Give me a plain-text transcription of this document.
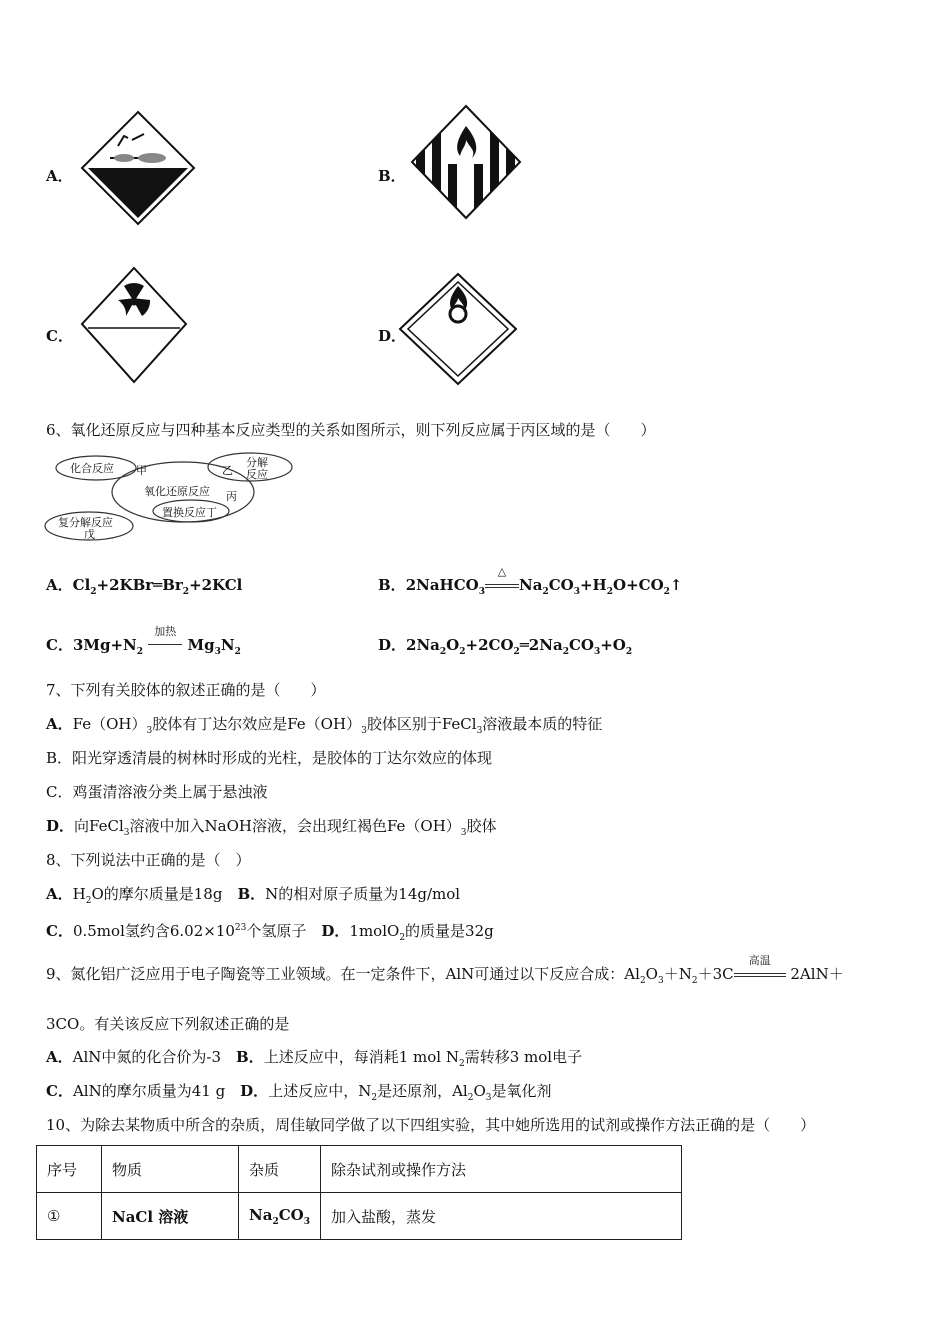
A．	B．
C．	D．
6、氧化还原反应与四种基本反应类型的关系如图所示，则下列反应属于丙区域的是（　　）
化合反应 甲
分解
反应
乙
氧化还原反应 丙
置换反应丁
复分解反应
戊
A．$Cl_2+2KBr═Br_2+2KCl$	B．2NaHCO$_3$
△
$Na_2CO_3+H_2O+CO_2↑$
C．$3Mg+N_2$
加热
$Mg_3N_2$	D．$2Na_2O_2+2CO_2═2Na_2CO_3+O_2$
7、下列有关胶体的叙述正确的是（　　）
A．$Fe(OH)_3$胶体有丁达尔效应是$Fe(OH)_3$胶体区别于FeCl$_3$溶液最本质的特征
B．阳光穿透清晨的树林时形成的光柱，是胶体的丁达尔效应的体现
C．鸡蛋清溶液分类上属于悬浊液
D．向FeCl$_3$溶液中加入NaOH溶液，会出现红褐色$Fe(OH)_3$胶体
8、下列说法中正确的是（　）
A．$H_2O$的摩尔质量是18g　B．N的相对原子质量为14g/mol
C．0.5mol氢约含$6.02\times 10^{23}$个氢原子　D．1molO$_2$的质量是32g
9、氮化铝广泛应用于电子陶瓷等工业领域。在一定条件下，AlN可通过以下反应合成：$Al_2O_3+N_2+3C$
高温
2AlN＋
3CO。有关该反应下列叙述正确的是
A．AlN中氮的化合价为-3　B．上述反应中，每消耗1 mol $N_2$需转移3 mol电子
C．AlN的摩尔质量为41 g　D．上述反应中，$N_2$是还原剂，$Al_2O_3$是氧化剂
10、为除去某物质中所含的杂质，周佳敏同学做了以下四组实验，其中她所选用的试剂或操作方法正确的是（　　）
序号	物质	杂质	除杂试剂或操作方法
①	NaCl 溶液	$Na_2CO_3$	加入盐酸，蒸发
